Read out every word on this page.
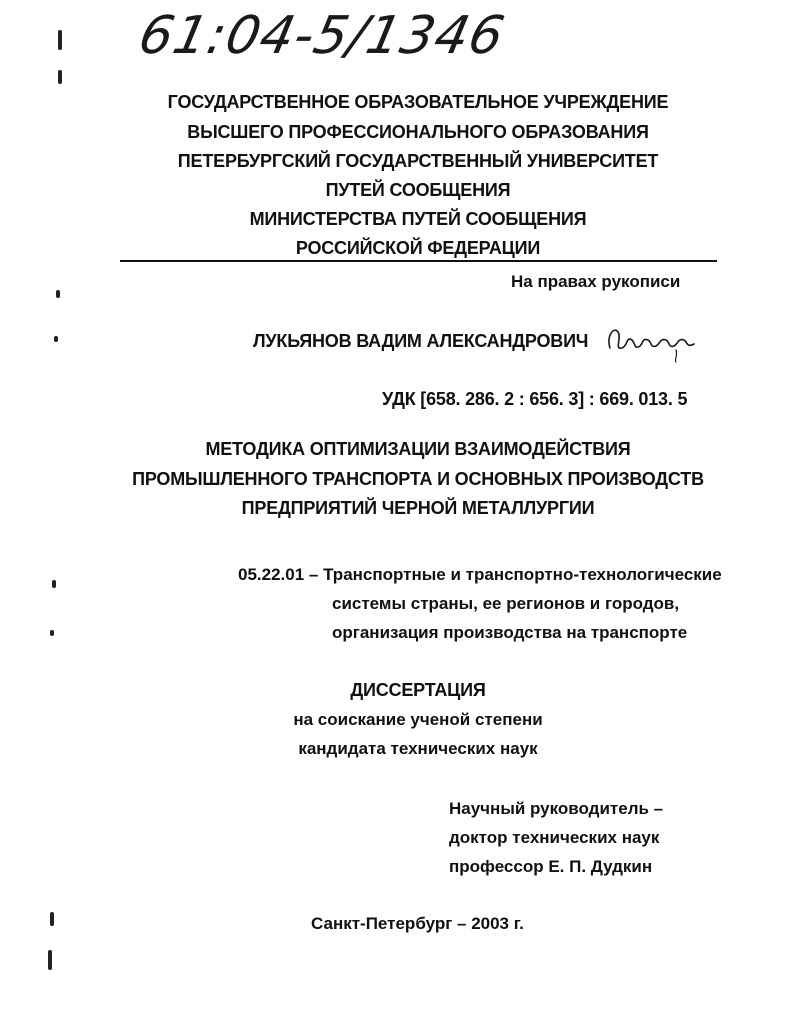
61:04-5/1346
ГОСУДАРСТВЕННОЕ ОБРАЗОВАТЕЛЬНОЕ УЧРЕЖДЕНИЕ
ВЫСШЕГО ПРОФЕССИОНАЛЬНОГО ОБРАЗОВАНИЯ
ПЕТЕРБУРГСКИЙ ГОСУДАРСТВЕННЫЙ УНИВЕРСИТЕТ
ПУТЕЙ СООБЩЕНИЯ
МИНИСТЕРСТВА ПУТЕЙ СООБЩЕНИЯ
РОССИЙСКОЙ ФЕДЕРАЦИИ
На правах рукописи
ЛУКЬЯНОВ ВАДИМ АЛЕКСАНДРОВИЧ
УДК [658. 286. 2 : 656. 3] : 669. 013. 5
МЕТОДИКА ОПТИМИЗАЦИИ ВЗАИМОДЕЙСТВИЯ
ПРОМЫШЛЕННОГО ТРАНСПОРТА И ОСНОВНЫХ ПРОИЗВОДСТВ
ПРЕДПРИЯТИЙ ЧЕРНОЙ МЕТАЛЛУРГИИ
05.22.01 – Транспортные и транспортно-технологические
системы страны, ее регионов и городов,
организация производства на транспорте
ДИССЕРТАЦИЯ
на соискание ученой степени
кандидата технических наук
Научный руководитель –
доктор технических наук
профессор Е. П. Дудкин
Санкт-Петербург – 2003 г.
